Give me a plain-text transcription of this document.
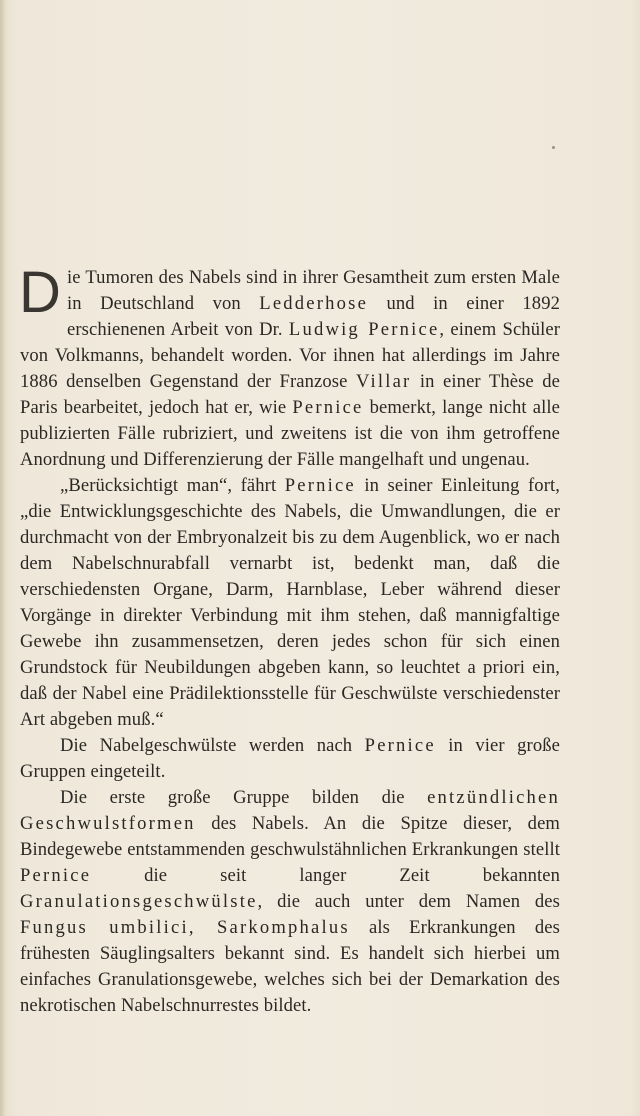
Die Tumoren des Nabels sind in ihrer Gesamtheit zum ersten Male in Deutschland von Ledderhose und in einer 1892 erschienenen Arbeit von Dr. Ludwig Pernice, einem Schüler von Volkmanns, behandelt worden. Vor ihnen hat allerdings im Jahre 1886 denselben Gegenstand der Franzose Villar in einer Thèse de Paris bearbeitet, jedoch hat er, wie Pernice bemerkt, lange nicht alle publizierten Fälle rubriziert, und zweitens ist die von ihm getroffene Anordnung und Differenzierung der Fälle mangelhaft und ungenau.

„Berücksichtigt man“, fährt Pernice in seiner Einleitung fort, „die Entwicklungsgeschichte des Nabels, die Umwandlungen, die er durchmacht von der Embryonalzeit bis zu dem Augenblick, wo er nach dem Nabelschnurabfall vernarbt ist, bedenkt man, daß die verschiedensten Organe, Darm, Harnblase, Leber während dieser Vorgänge in direkter Verbindung mit ihm stehen, daß mannigfaltige Gewebe ihn zusammensetzen, deren jedes schon für sich einen Grundstock für Neubildungen abgeben kann, so leuchtet a priori ein, daß der Nabel eine Prädilektionsstelle für Geschwülste verschiedenster Art abgeben muß.“

Die Nabelgeschwülste werden nach Pernice in vier große Gruppen eingeteilt.

Die erste große Gruppe bilden die entzündlichen Geschwulstformen des Nabels. An die Spitze dieser, dem Bindegewebe entstammenden geschwulstähnlichen Erkrankungen stellt Pernice die seit langer Zeit bekannten Granulationsgeschwülste, die auch unter dem Namen des Fungus umbilici, Sarkomphalus als Erkrankungen des frühesten Säuglingsalters bekannt sind. Es handelt sich hierbei um einfaches Granulationsgewebe, welches sich bei der Demarkation des nekrotischen Nabelschnurrestes bildet.
